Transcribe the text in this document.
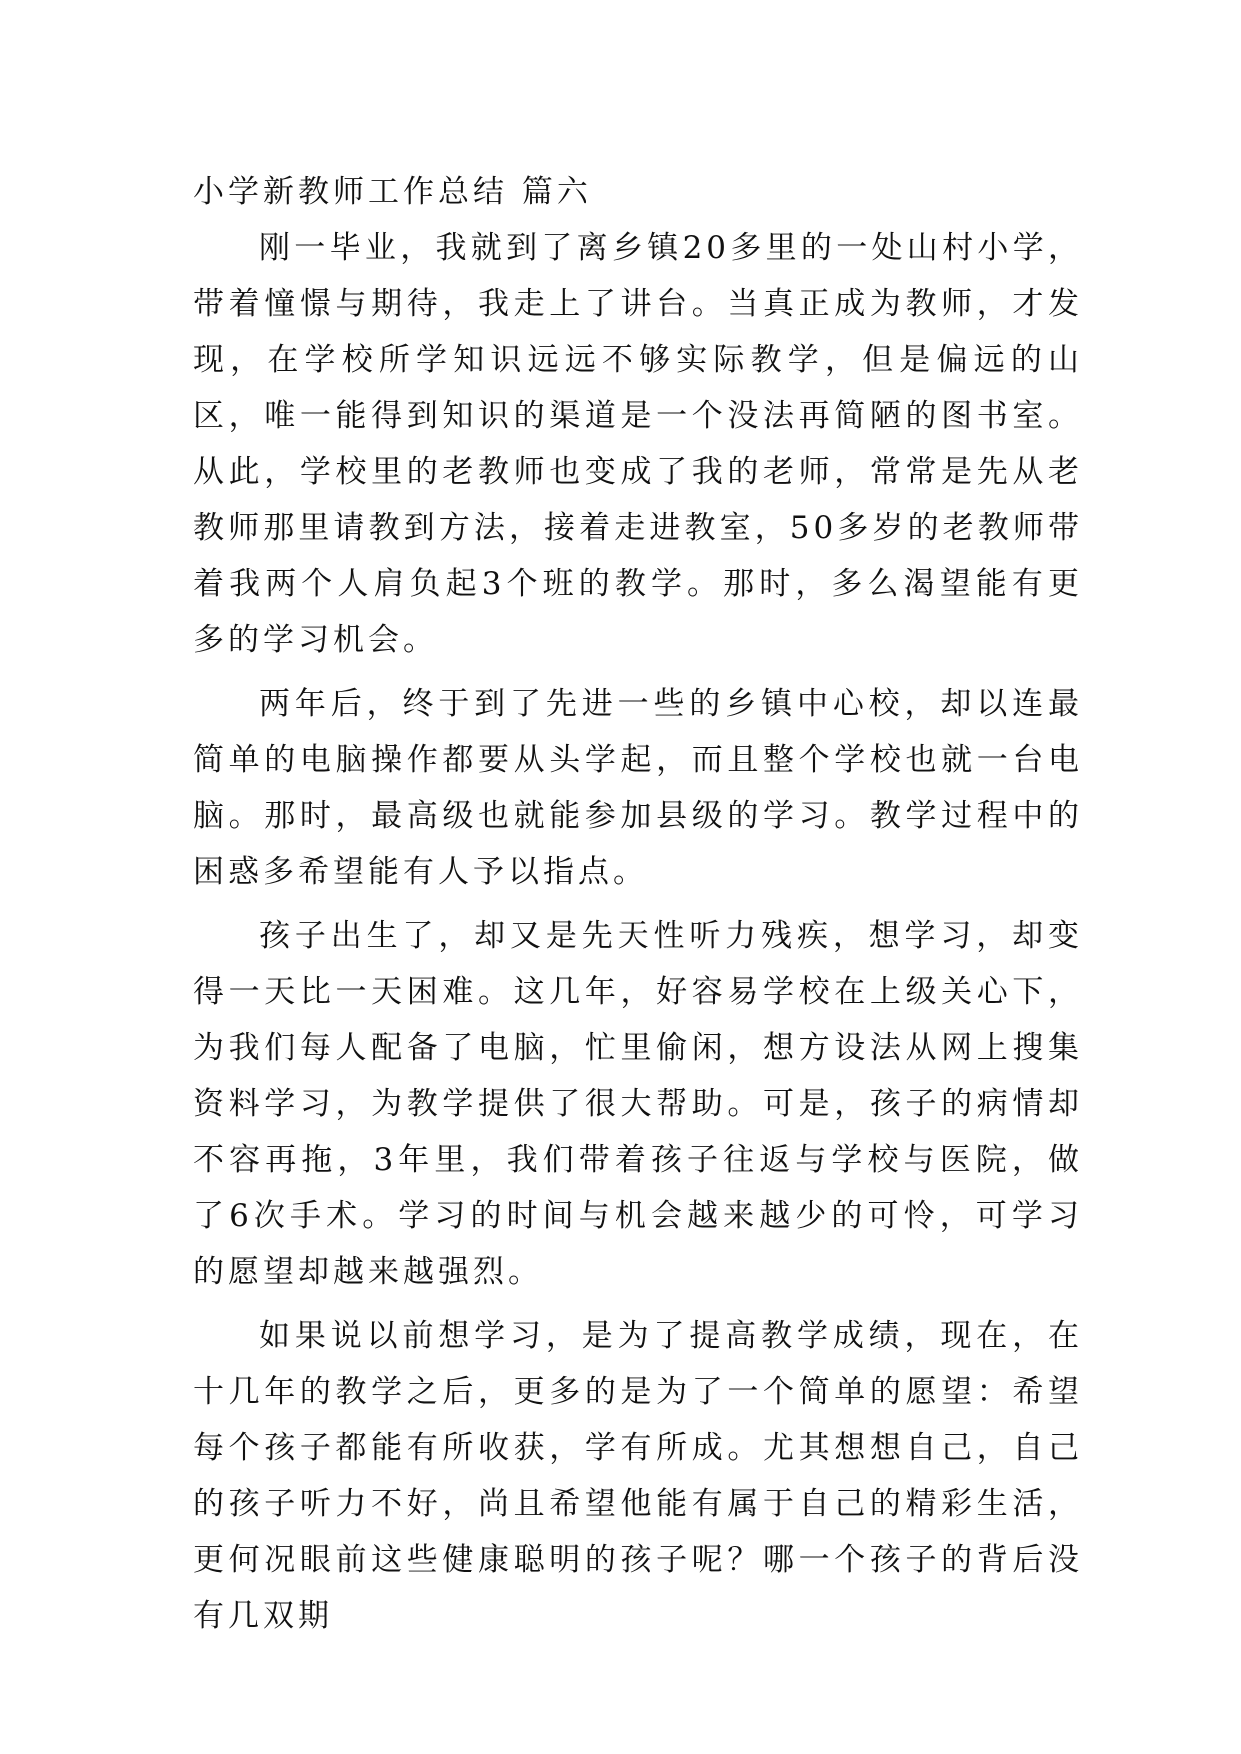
小学新教师工作总结 篇六

刚一毕业，我就到了离乡镇20多里的一处山村小学，带着憧憬与期待，我走上了讲台。当真正成为教师，才发现，在学校所学知识远远不够实际教学，但是偏远的山区，唯一能得到知识的渠道是一个没法再简陋的图书室。从此，学校里的老教师也变成了我的老师，常常是先从老教师那里请教到方法，接着走进教室，50多岁的老教师带着我两个人肩负起3个班的教学。那时，多么渴望能有更多的学习机会。

两年后，终于到了先进一些的乡镇中心校，却以连最简单的电脑操作都要从头学起，而且整个学校也就一台电脑。那时，最高级也就能参加县级的学习。教学过程中的困惑多希望能有人予以指点。

孩子出生了，却又是先天性听力残疾，想学习，却变得一天比一天困难。这几年，好容易学校在上级关心下，为我们每人配备了电脑，忙里偷闲，想方设法从网上搜集资料学习，为教学提供了很大帮助。可是，孩子的病情却不容再拖，3年里，我们带着孩子往返与学校与医院，做了6次手术。学习的时间与机会越来越少的可怜，可学习的愿望却越来越强烈。

如果说以前想学习，是为了提高教学成绩，现在，在十几年的教学之后，更多的是为了一个简单的愿望：希望每个孩子都能有所收获，学有所成。尤其想想自己，自己的孩子听力不好，尚且希望他能有属于自己的精彩生活，更何况眼前这些健康聪明的孩子呢？哪一个孩子的背后没有几双期
